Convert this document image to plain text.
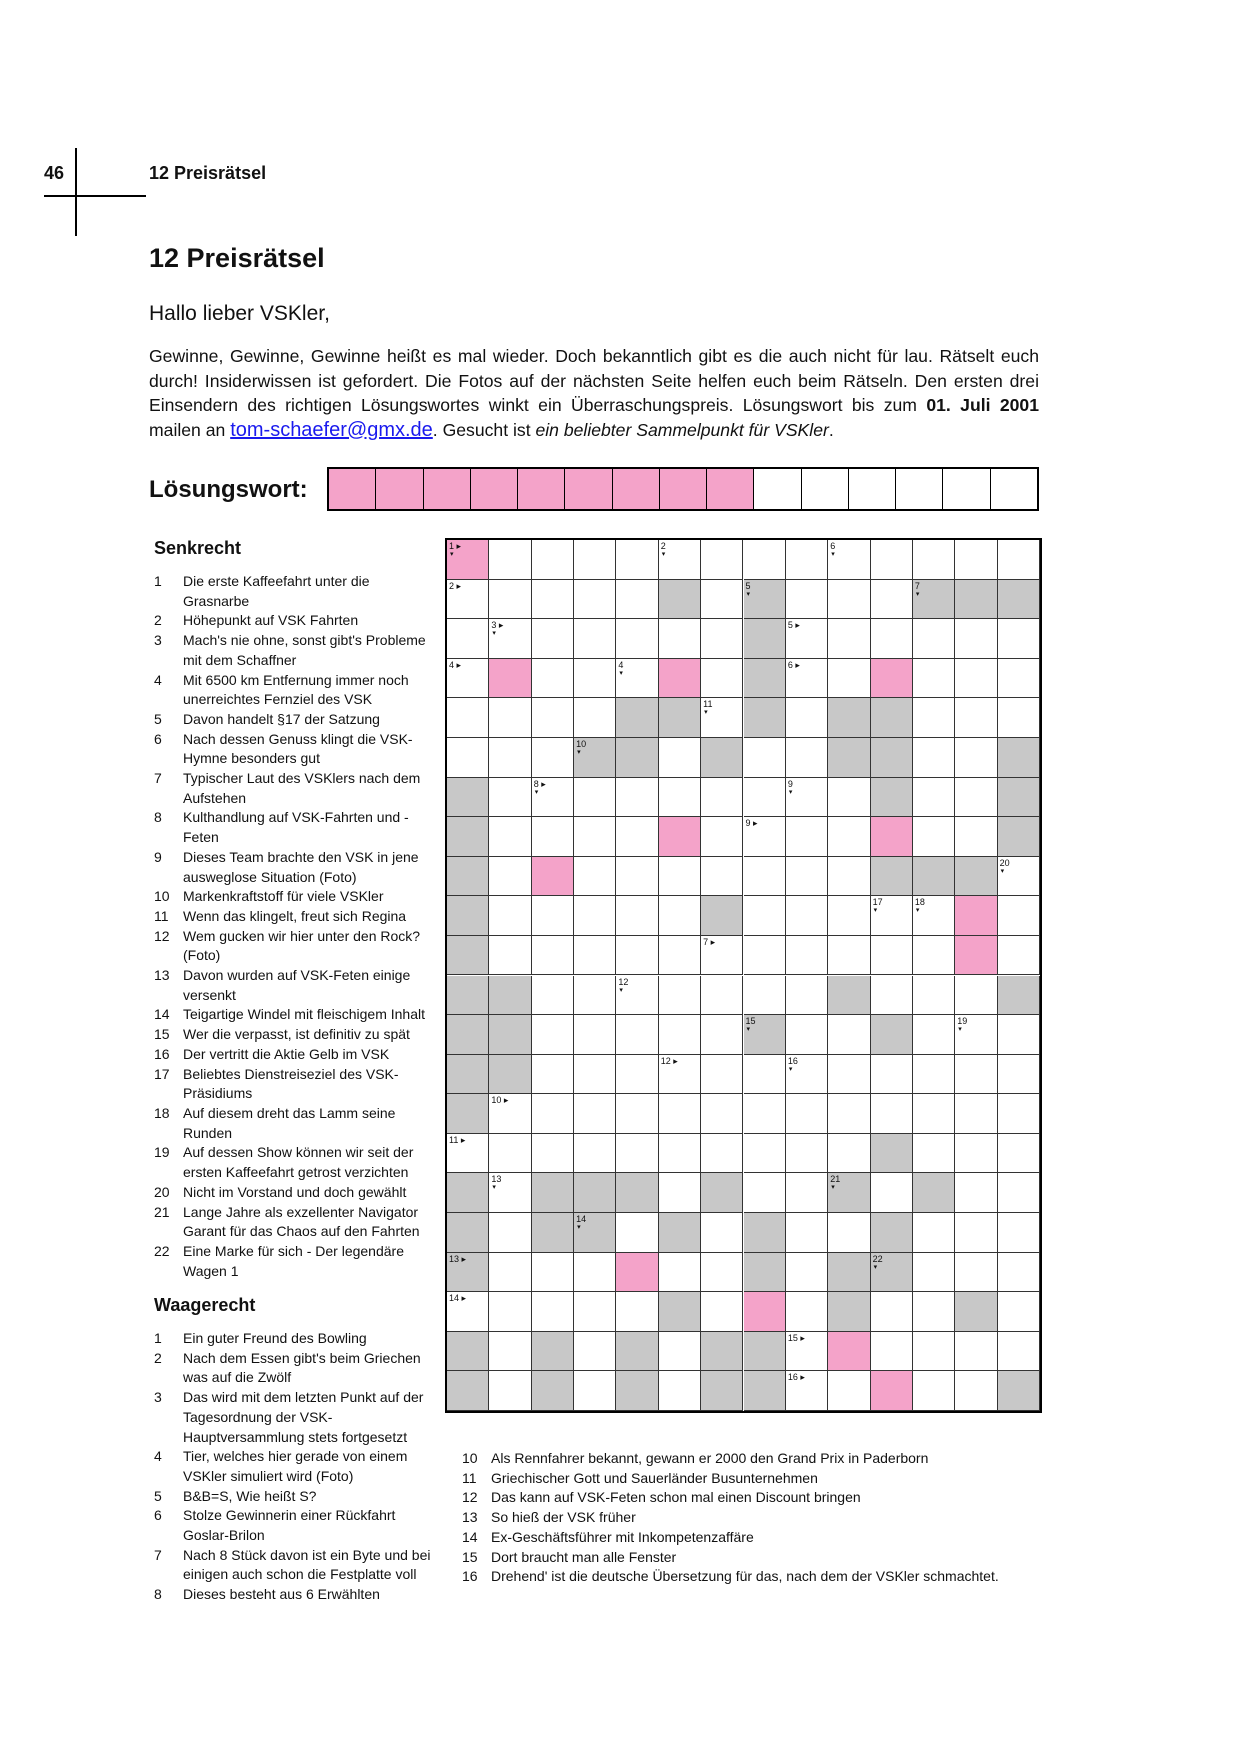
46	12 Preisrätsel
12 Preisrätsel
Hallo lieber VSKler,
Gewinne, Gewinne, Gewinne heißt es mal wieder. Doch bekanntlich gibt es die auch nicht für lau. Rätselt euch durch! Insiderwissen ist gefordert. Die Fotos auf der nächsten Seite helfen euch beim Rätseln. Den ersten drei Einsendern des richtigen Lösungswortes winkt ein Überraschungspreis. Lösungswort bis zum 01. Juli 2001 mailen an tom-schaefer@gmx.de. Gesucht ist ein beliebter Sammelpunkt für VSKler.
Lösungswort:
Senkrecht
1	Die erste Kaffeefahrt unter die Grasnarbe
2	Höhepunkt auf VSK Fahrten
3	Mach's nie ohne, sonst gibt's Probleme mit dem Schaffner
4	Mit 6500 km Entfernung immer noch unerreichtes Fernziel des VSK
5	Davon handelt §17 der Satzung
6	Nach dessen Genuss klingt die VSK-Hymne besonders gut
7	Typischer Laut des VSKlers nach dem Aufstehen
8	Kulthandlung auf VSK-Fahrten und -Feten
9	Dieses Team brachte den VSK in jene ausweglose Situation (Foto)
10 Markenkraftstoff für viele VSKler
11	Wenn das klingelt, freut sich Regina
12 Wem gucken wir hier unter den Rock? (Foto)
13 Davon wurden auf VSK-Feten einige versenkt
14 Teigartige Windel mit fleischigem Inhalt
15 Wer die verpasst, ist definitiv zu spät
16 Der vertritt die Aktie Gelb im VSK
17 Beliebtes Dienstreiseziel des VSK-Präsidiums
18 Auf diesem dreht das Lamm seine Runden
19 Auf dessen Show können wir seit der ersten Kaffeefahrt getrost verzichten
20 Nicht im Vorstand und doch gewählt
21 Lange Jahre als exzellenter Navigator Garant für das Chaos auf den Fahrten
22 Eine Marke für sich - Der legendäre Wagen 1
Waagerecht
1	Ein guter Freund des Bowling
2	Nach dem Essen gibt's beim Griechen was auf die Zwölf
3	Das wird mit dem letzten Punkt auf der Tagesordnung der VSK-Hauptversammlung stets fortgesetzt
4	Tier, welches hier gerade von einem VSKler simuliert wird (Foto)
5	B&B=S, Wie heißt S?
6	Stolze Gewinnerin einer Rückfahrt Goslar-Brilon
7	Nach 8 Stück davon ist ein Byte und bei einigen auch schon die Festplatte voll
8	Dieses besteht aus 6 Erwählten
1 ▸
▾
2
▾
6
▾
2 ▸	5
▾
7
▾
3 ▸
▾
5 ▸
4 ▸	4
▾
6 ▸
11
▾
10
▾
8 ▸
▾
9
▾
9 ▸
20
▾
17
▾
18
▾
7 ▸
12
▾
15
▾
19
▾
12 ▸	16
▾
10 ▸
11 ▸
13
▾
21
▾
14
▾
13 ▸	22
▾
14 ▸
15 ▸
16 ▸
10 Als Rennfahrer bekannt, gewann er 2000 den Grand Prix in Paderborn
11	Griechischer Gott und Sauerländer Busunternehmen
12 Das kann auf VSK-Feten schon mal einen Discount bringen
13 So hieß der VSK früher
14 Ex-Geschäftsführer mit Inkompetenzaffäre
15 Dort braucht man alle Fenster
16 Drehend' ist die deutsche Übersetzung für das, nach dem der VSKler schmachtet.
